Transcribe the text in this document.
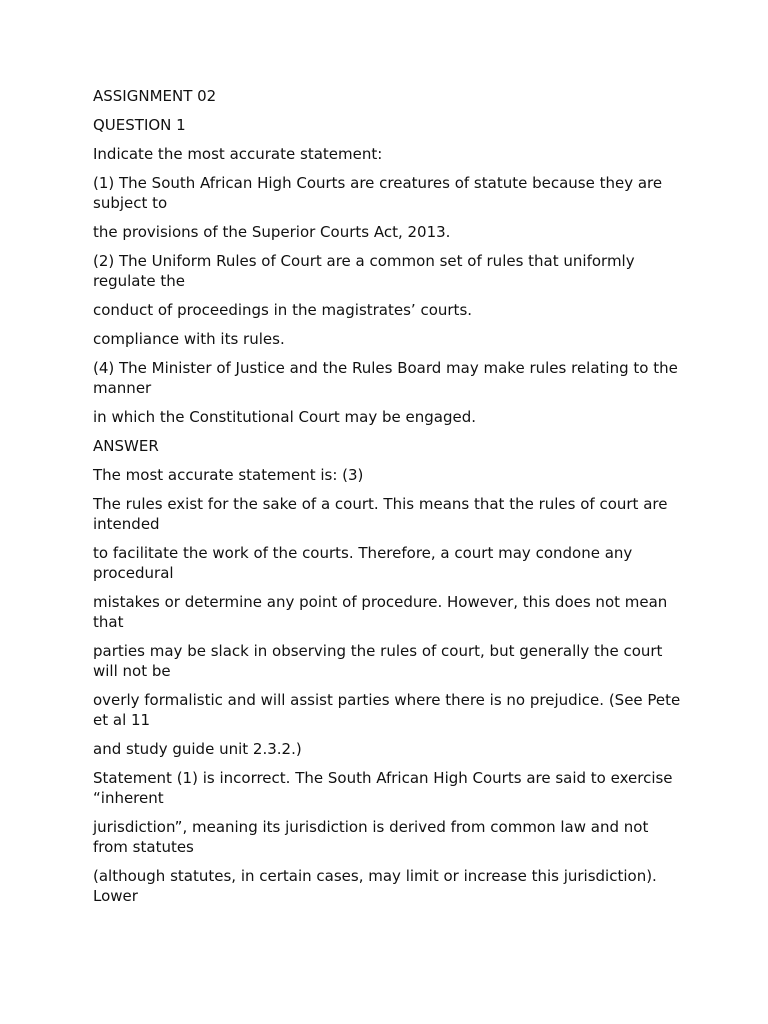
ASSIGNMENT 02

QUESTION 1

Indicate the most accurate statement:

(1) The South African High Courts are creatures of statute because they are subject to

the provisions of the Superior Courts Act, 2013.

(2) The Uniform Rules of Court are a common set of rules that uniformly regulate the

conduct of proceedings in the magistrates’ courts.

compliance with its rules.

(4) The Minister of Justice and the Rules Board may make rules relating to the manner

in which the Constitutional Court may be engaged.

ANSWER

The most accurate statement is: (3)

The rules exist for the sake of a court. This means that the rules of court are intended

to facilitate the work of the courts. Therefore, a court may condone any procedural

mistakes or determine any point of procedure. However, this does not mean that

parties may be slack in observing the rules of court, but generally the court will not be

overly formalistic and will assist parties where there is no prejudice. (See Pete et al 11

and study guide unit 2.3.2.)

Statement (1) is incorrect. The South African High Courts are said to exercise “inherent

jurisdiction”, meaning its jurisdiction is derived from common law and not from statutes

(although statutes, in certain cases, may limit or increase this jurisdiction). Lower
